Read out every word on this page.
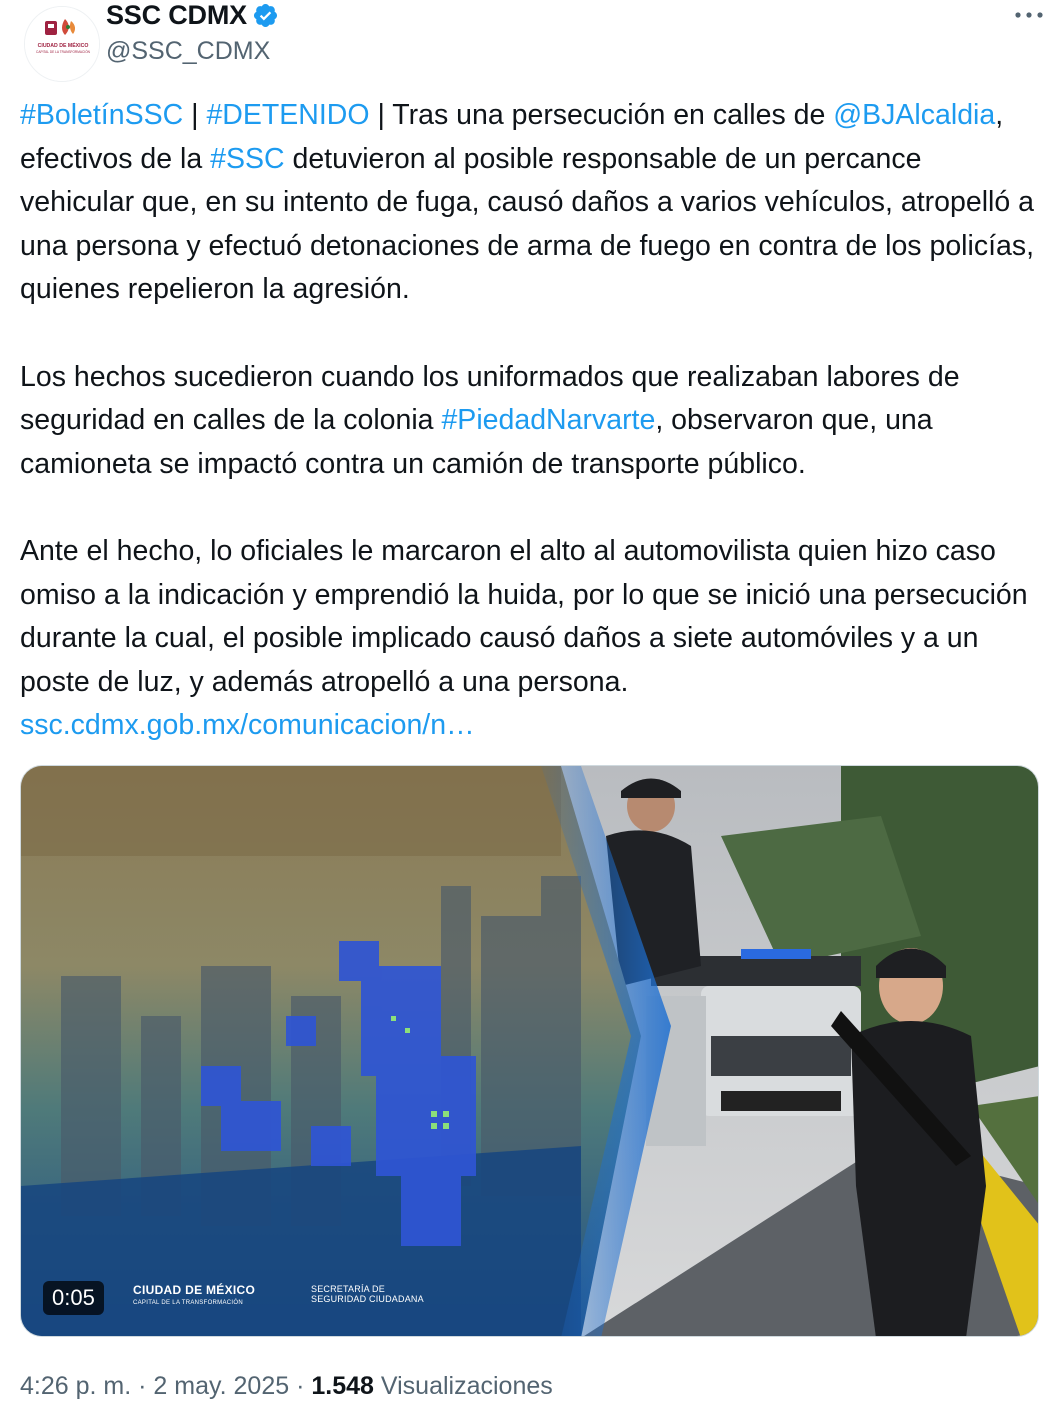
CIUDAD DE MÉXICO
CAPITAL DE LA TRANSFORMACIÓN
SSC CDMX
@SSC_CDMX
#BoletínSSC | #DETENIDO | Tras una persecución en calles de @BJAlcaldia, efectivos de la #SSC detuvieron al posible responsable de un percance vehicular que, en su intento de fuga, causó daños a varios vehículos, atropelló a una persona y efectuó detonaciones de arma de fuego en contra de los policías, quienes repelieron la agresión.
Los hechos sucedieron cuando los uniformados que realizaban labores de seguridad en calles de la colonia #PiedadNarvarte, observaron que, una camioneta se impactó contra un camión de transporte público.
Ante el hecho, lo oficiales le marcaron el alto al automovilista quien hizo caso omiso a la indicación y emprendió la huida, por lo que se inició una persecución durante la cual, el posible implicado causó daños a siete automóviles y a un poste de luz, y además atropelló a una persona. ssc.cdmx.gob.mx/comunicacion/n…
0:05	CIUDAD DE MÉXICO
CAPITAL DE LA TRANSFORMACIÓN
SECRETARÍA DE
SEGURIDAD CIUDADANA
4:26 p. m. · 2 may. 2025 · 1.548 Visualizaciones
